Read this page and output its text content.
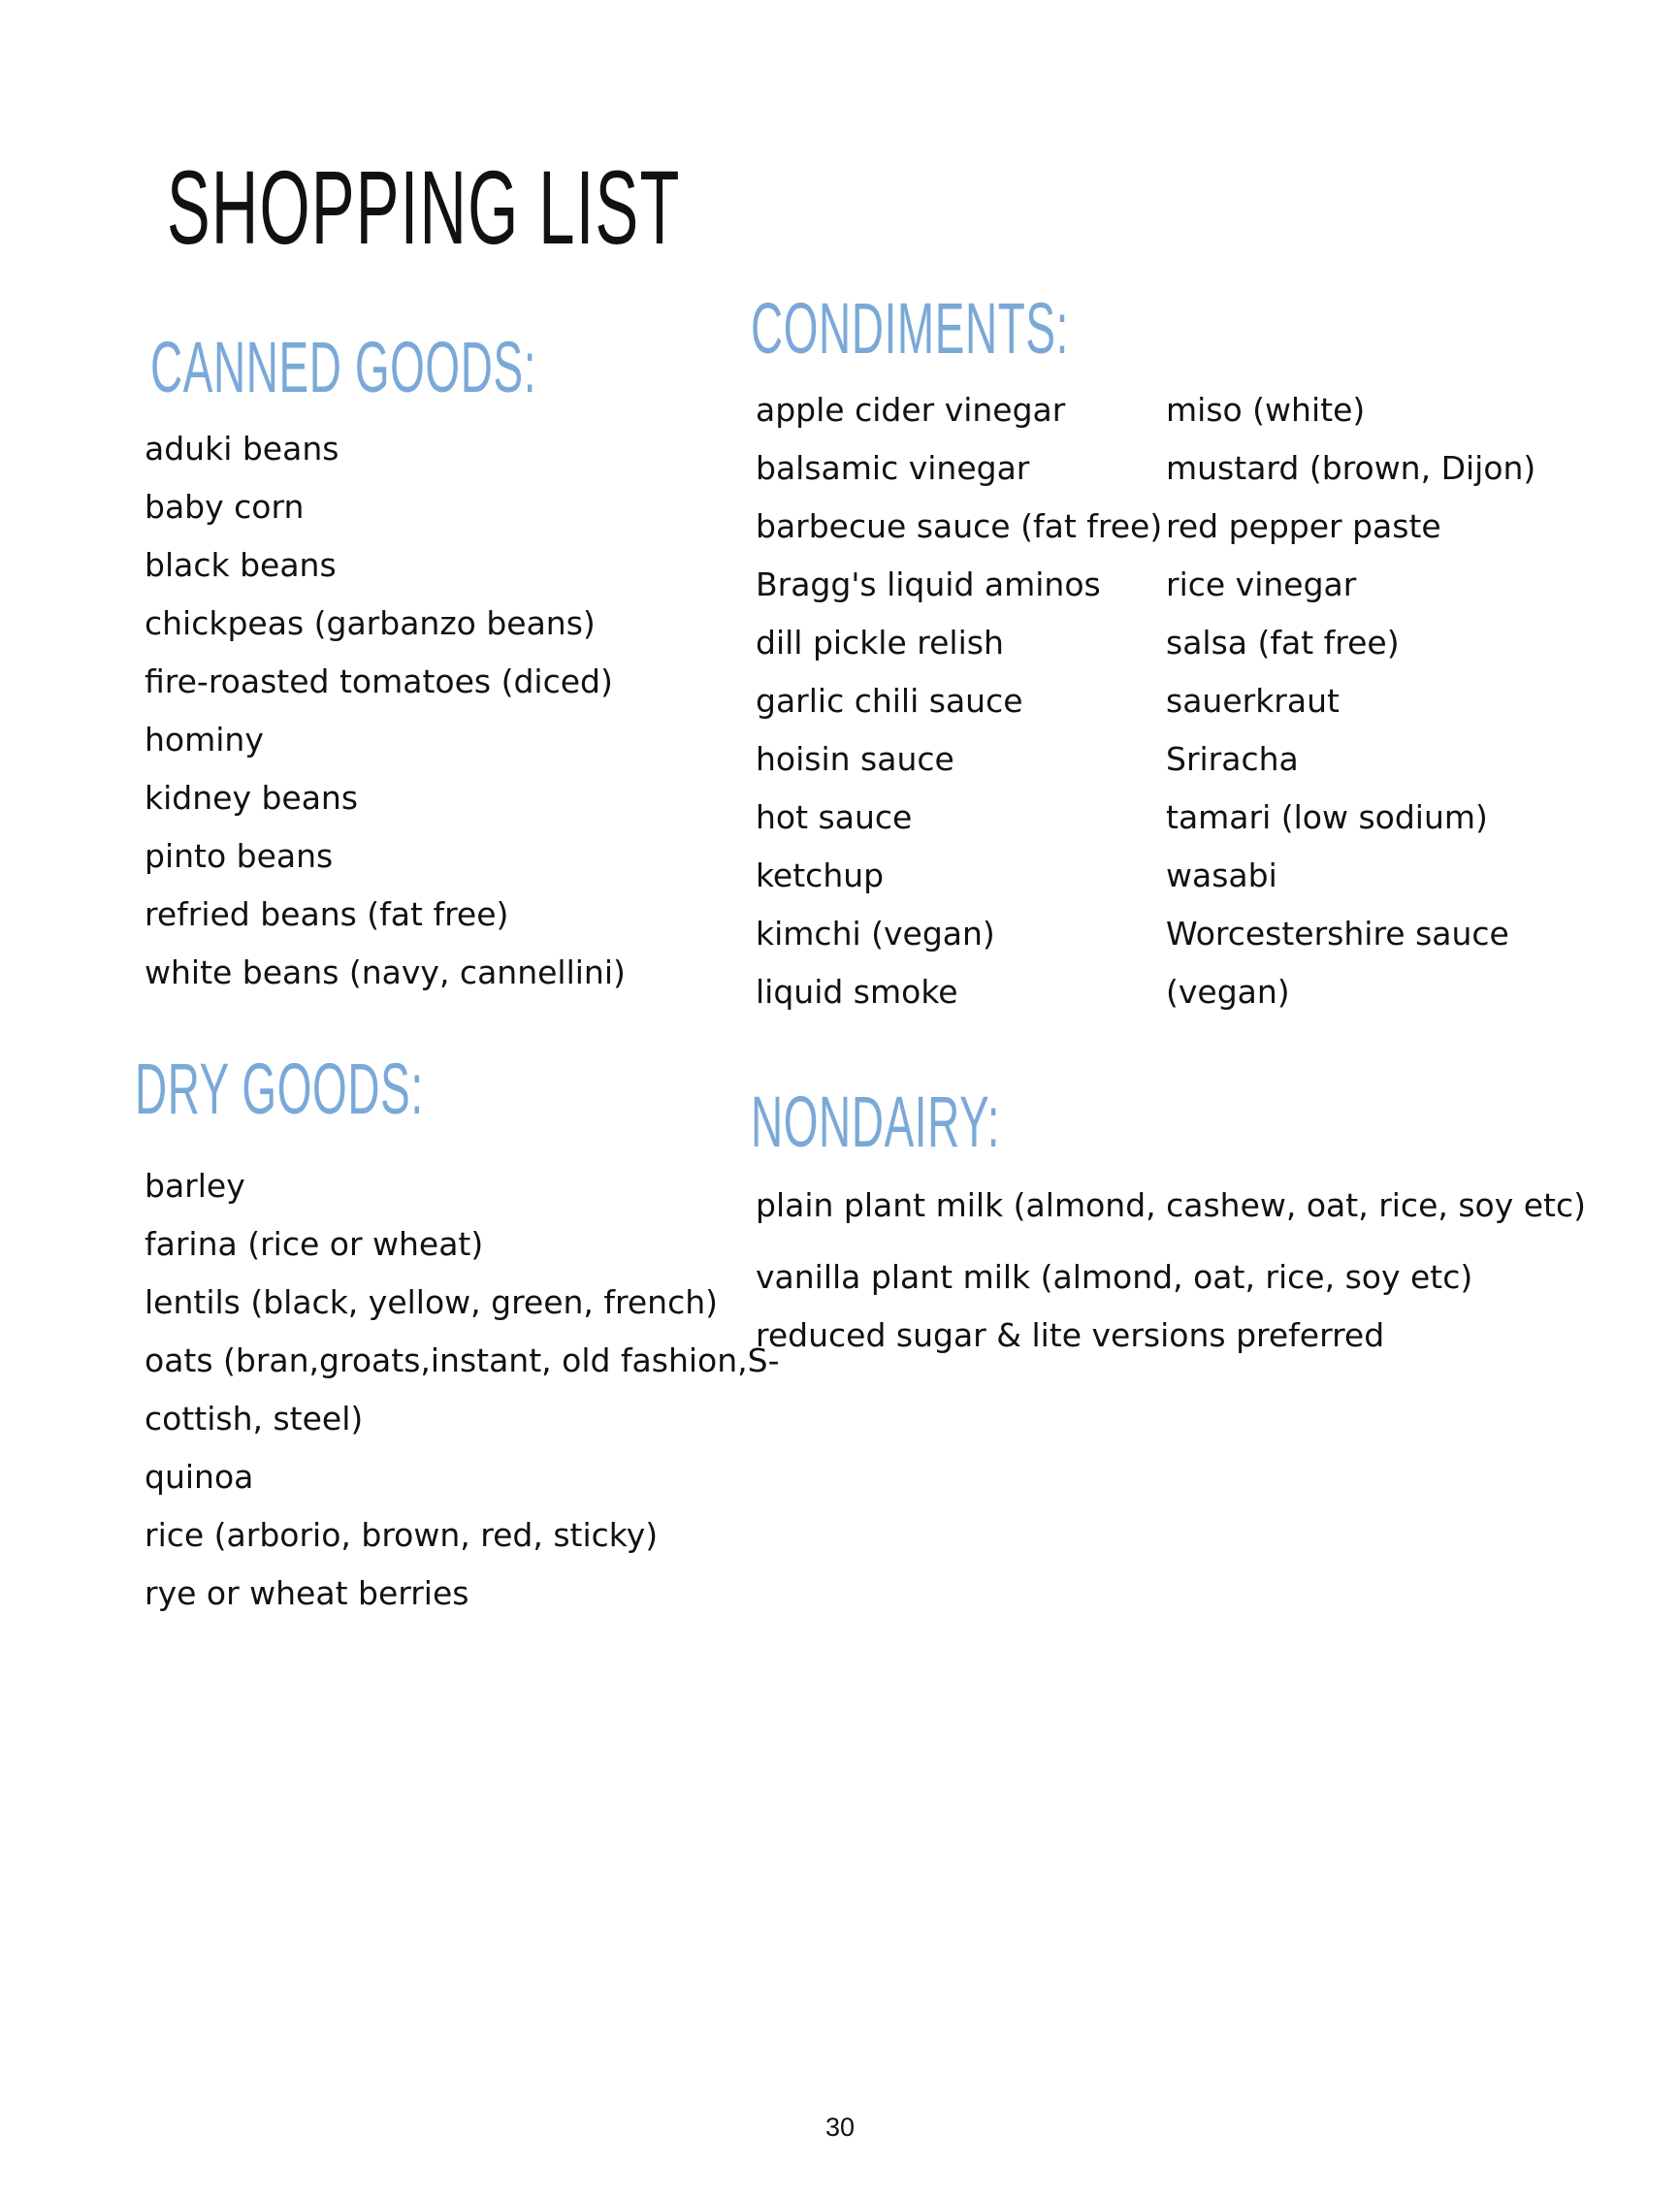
SHOPPING LIST
CANNED GOODS:
aduki beans
baby corn
black beans
chickpeas (garbanzo beans)
fire-roasted tomatoes (diced)
hominy
kidney beans
pinto beans
refried beans (fat free)
white beans (navy, cannellini)
DRY GOODS:
barley
farina (rice or wheat)
lentils (black, yellow, green, french)
oats (bran,groats,instant, old fashion,S-
cottish, steel)
quinoa
rice (arborio, brown, red, sticky)
rye or wheat berries
CONDIMENTS:
apple cider vinegar
balsamic vinegar
barbecue sauce (fat free)
Bragg's liquid aminos
dill pickle relish
garlic chili sauce
hoisin sauce
hot sauce
ketchup
kimchi (vegan)
liquid smoke
miso (white)
mustard (brown, Dijon)
red pepper paste
rice vinegar
salsa (fat free)
sauerkraut
Sriracha
tamari (low sodium)
wasabi
Worcestershire sauce
(vegan)
NONDAIRY:
plain plant milk (almond, cashew, oat, rice, soy etc)
vanilla plant milk (almond, oat, rice, soy etc)
reduced sugar & lite versions preferred
30
